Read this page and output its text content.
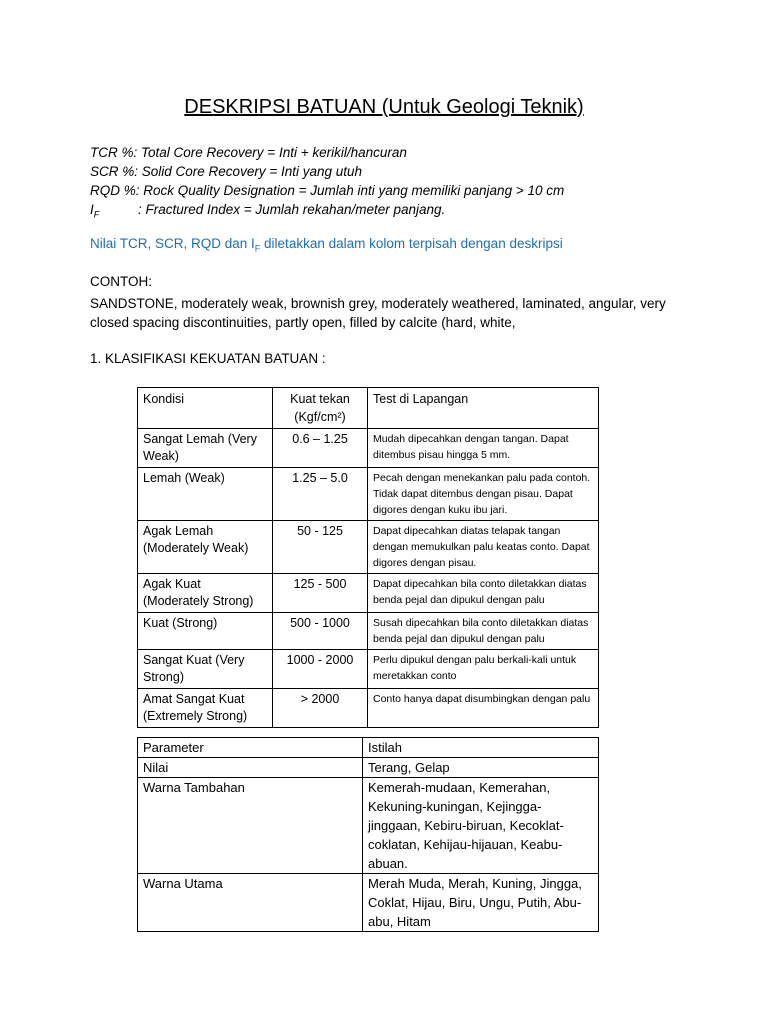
DESKRIPSI BATUAN (Untuk Geologi Teknik)
TCR %: Total Core Recovery = Inti + kerikil/hancuran
SCR %: Solid Core Recovery = Inti yang utuh
RQD %: Rock Quality Designation = Jumlah inti yang memiliki panjang > 10 cm
$I_F$	: Fractured Index = Jumlah rekahan/meter panjang.
Nilai TCR, SCR, RQD dan $I_F$ diletakkan dalam kolom terpisah dengan deskripsi
CONTOH:
SANDSTONE, moderately weak, brownish grey, moderately weathered, laminated, angular, very closed spacing discontinuities, partly open, filled by calcite (hard, white,
1. KLASIFIKASI KEKUATAN BATUAN :
Kondisi	Kuat tekan (Kgf/cm²)	Test di Lapangan
Sangat Lemah (Very Weak)	0.6 – 1.25	Mudah dipecahkan dengan tangan. Dapat ditembus pisau hingga 5 mm.
Lemah (Weak)	1.25 – 5.0	Pecah dengan menekankan palu pada contoh. Tidak dapat ditembus dengan pisau. Dapat digores dengan kuku ibu jari.
Agak Lemah (Moderately Weak)	50 - 125	Dapat dipecahkan diatas telapak tangan dengan memukulkan palu keatas conto. Dapat digores dengan pisau.
Agak Kuat (Moderately Strong)	125 - 500	Dapat dipecahkan bila conto diletakkan diatas benda pejal dan dipukul dengan palu
Kuat (Strong)	500 - 1000	Susah dipecahkan bila conto diletakkan diatas benda pejal dan dipukul dengan palu
Sangat Kuat (Very Strong)	1000 - 2000	Perlu dipukul dengan palu berkali-kali untuk meretakkan conto
Amat Sangat Kuat (Extremely Strong)	> 2000	Conto hanya dapat disumbingkan dengan palu
Parameter	Istilah
Nilai	Terang, Gelap
Warna Tambahan	Kemerah-mudaan, Kemerahan, Kekuning-kuningan, Kejingga-jinggaan, Kebiru-biruan, Kecoklat-coklatan, Kehijau-hijauan, Keabu-abuan.
Warna Utama	Merah Muda, Merah, Kuning, Jingga, Coklat, Hijau, Biru, Ungu, Putih, Abu-abu, Hitam
